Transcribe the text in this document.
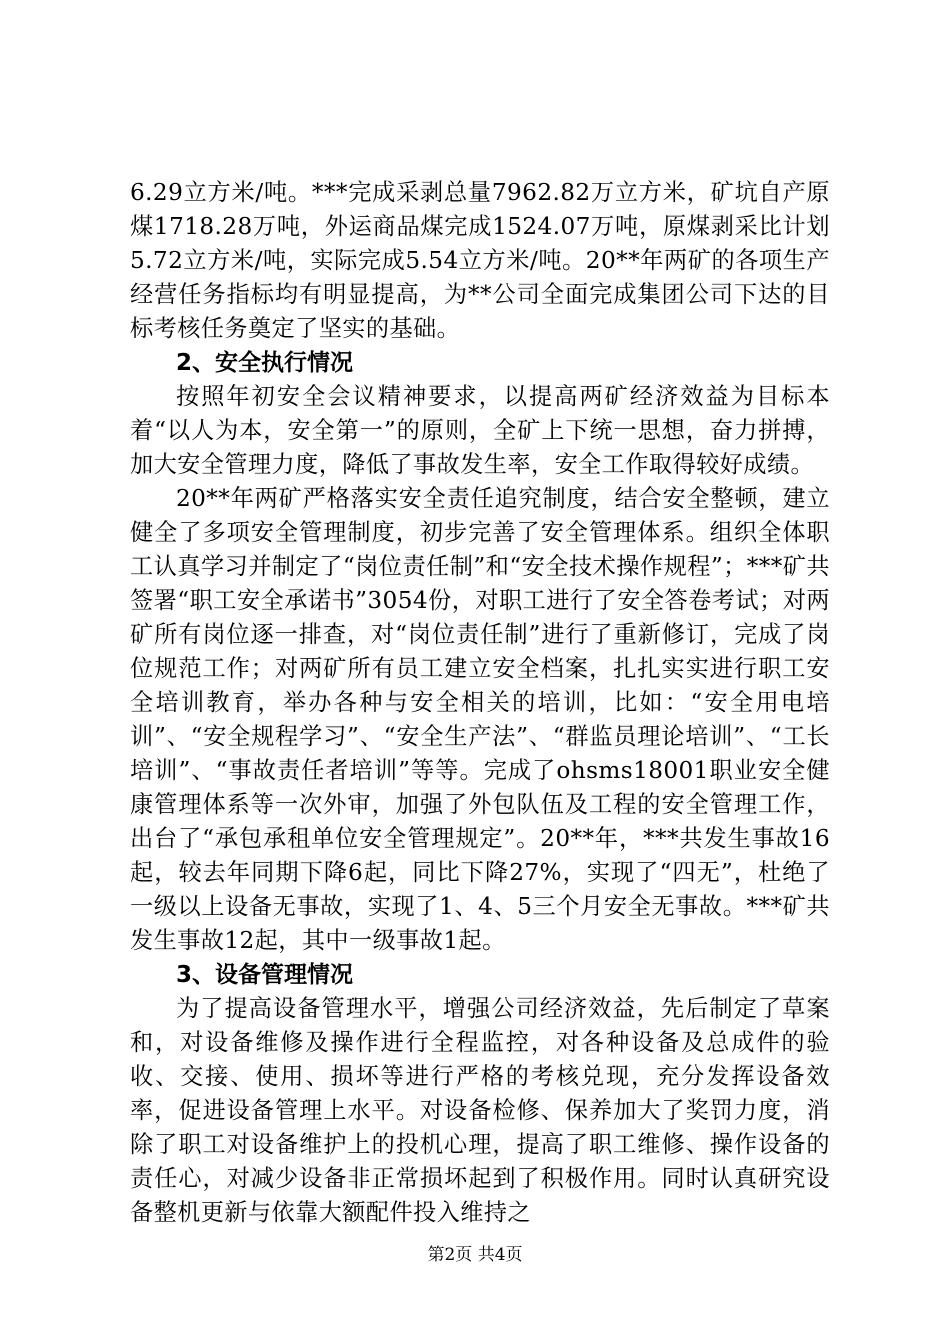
6.29立方米/吨。***完成采剥总量7962.82万立方米，矿坑自产原煤1718.28万吨，外运商品煤完成1524.07万吨，原煤剥采比计划5.72立方米/吨，实际完成5.54立方米/吨。20**年两矿的各项生产经营任务指标均有明显提高，为**公司全面完成集团公司下达的目标考核任务奠定了坚实的基础。

2、安全执行情况

按照年初安全会议精神要求，以提高两矿经济效益为目标本着“以人为本，安全第一”的原则，全矿上下统一思想，奋力拼搏，加大安全管理力度，降低了事故发生率，安全工作取得较好成绩。

20**年两矿严格落实安全责任追究制度，结合安全整顿，建立健全了多项安全管理制度，初步完善了安全管理体系。组织全体职工认真学习并制定了“岗位责任制”和“安全技术操作规程”；***矿共签署“职工安全承诺书”3054份，对职工进行了安全答卷考试；对两矿所有岗位逐一排查，对“岗位责任制”进行了重新修订，完成了岗位规范工作；对两矿所有员工建立安全档案，扎扎实实进行职工安全培训教育，举办各种与安全相关的培训，比如：“安全用电培训”、“安全规程学习”、“安全生产法”、“群监员理论培训”、“工长培训”、“事故责任者培训”等等。完成了ohsms18001职业安全健康管理体系等一次外审，加强了外包队伍及工程的安全管理工作，出台了“承包承租单位安全管理规定”。20**年，***共发生事故16起，较去年同期下降6起，同比下降27%，实现了“四无”，杜绝了一级以上设备无事故，实现了1、4、5三个月安全无事故。***矿共发生事故12起，其中一级事故1起。

3、设备管理情况

为了提高设备管理水平，增强公司经济效益，先后制定了草案和，对设备维修及操作进行全程监控，对各种设备及总成件的验收、交接、使用、损坏等进行严格的考核兑现，充分发挥设备效率，促进设备管理上水平。对设备检修、保养加大了奖罚力度，消除了职工对设备维护上的投机心理，提高了职工维修、操作设备的责任心，对减少设备非正常损坏起到了积极作用。同时认真研究设备整机更新与依靠大额配件投入维持之

第2页 共4页
